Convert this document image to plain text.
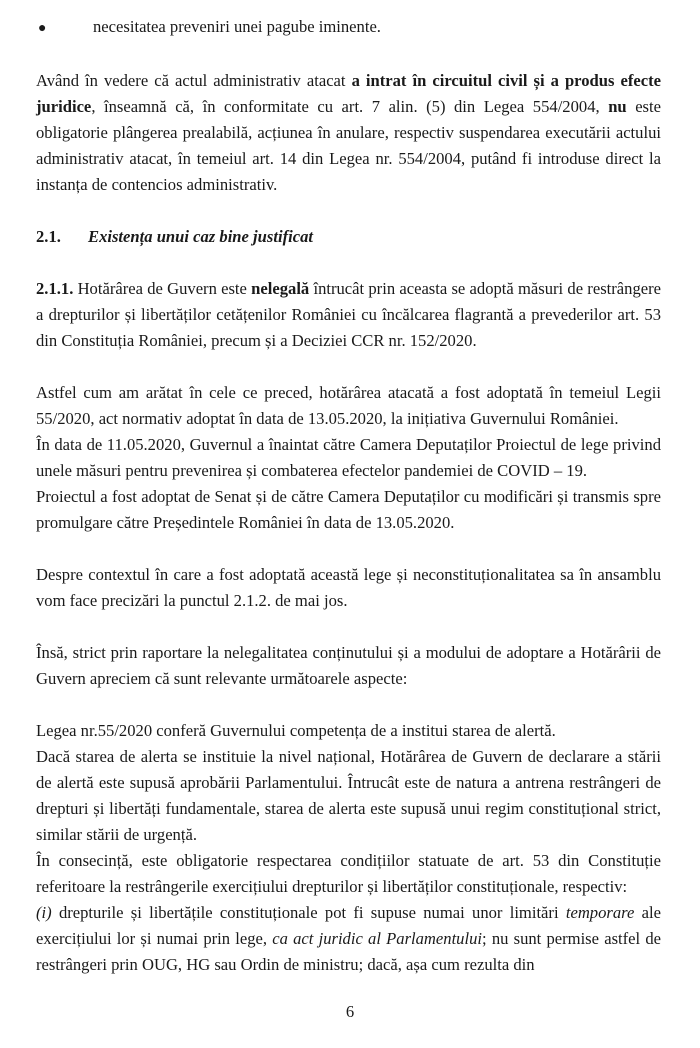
●	necesitatea preveniri unei pagube iminente.

Având în vedere că actul administrativ atacat a intrat în circuitul civil și a produs efecte juridice, înseamnă că, în conformitate cu art. 7 alin. (5) din Legea 554/2004, nu este obligatorie plângerea prealabilă, acțiunea în anulare, respectiv suspendarea executării actului administrativ atacat, în temeiul art. 14 din Legea nr. 554/2004, putând fi introduse direct la instanța de contencios administrativ.

2.1.	Existența unui caz bine justificat

2.1.1. Hotărârea de Guvern este nelegală întrucât prin aceasta se adoptă măsuri de restrângere a drepturilor și libertăților cetățenilor României cu încălcarea flagrantă a prevederilor art. 53 din Constituția României, precum și a Deciziei CCR nr. 152/2020.

Astfel cum am arătat în cele ce preced, hotărârea atacată a fost adoptată în temeiul Legii 55/2020, act normativ adoptat în data de 13.05.2020, la inițiativa Guvernului României.

În data de 11.05.2020, Guvernul a înaintat către Camera Deputaților Proiectul de lege privind unele măsuri pentru prevenirea și combaterea efectelor pandemiei de COVID – 19.

Proiectul a fost adoptat de Senat și de către Camera Deputaților cu modificări și transmis spre promulgare către Președintele României în data de 13.05.2020.

Despre contextul în care a fost adoptată această lege și neconstituționalitatea sa în ansamblu vom face precizări la punctul 2.1.2. de mai jos.

Însă, strict prin raportare la nelegalitatea conținutului și a modului de adoptare a Hotărârii de Guvern apreciem că sunt relevante următoarele aspecte:

Legea nr.55/2020 conferă Guvernului competența de a institui starea de alertă.

Dacă starea de alerta se instituie la nivel național, Hotărârea de Guvern de declarare a stării de alertă este supusă aprobării Parlamentului. Întrucât este de natura a antrena restrângeri de drepturi și libertăți fundamentale, starea de alerta este supusă unui regim constituțional strict, similar stării de urgență.

În consecință, este obligatorie respectarea condițiilor statuate de art. 53 din Constituție referitoare la restrângerile exercițiului drepturilor și libertăților constituționale, respectiv:

(i) drepturile și libertățile constituționale pot fi supuse numai unor limitări temporare ale exercițiului lor și numai prin lege, ca act juridic al Parlamentului; nu sunt permise astfel de restrângeri prin OUG, HG sau Ordin de ministru; dacă, așa cum rezulta din

6
